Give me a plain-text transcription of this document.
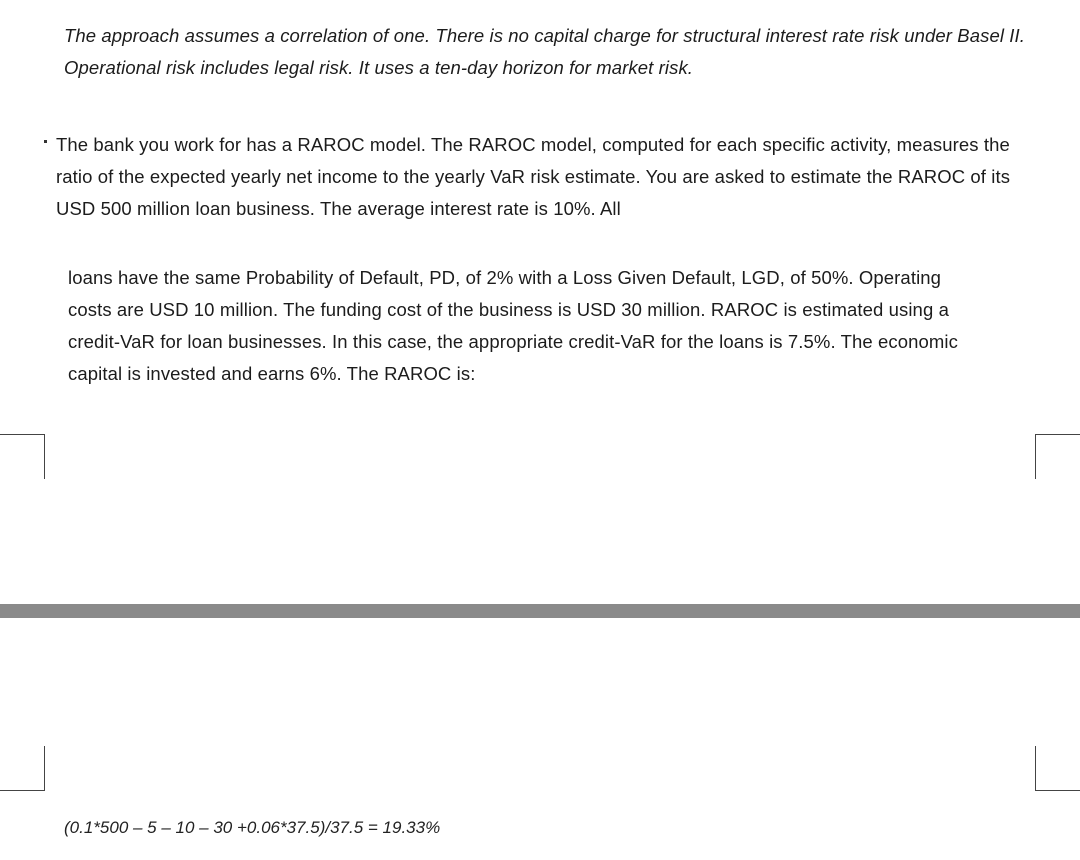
The approach assumes a correlation of one. There is no capital charge for structural interest rate risk under Basel II. Operational risk includes legal risk. It uses a ten-day horizon for market risk.

The bank you work for has a RAROC model. The RAROC model, computed for each specific activity, measures the ratio of the expected yearly net income to the yearly VaR risk estimate. You are asked to estimate the RAROC of its USD 500 million loan business. The average interest rate is 10%. All

loans have the same Probability of Default, PD, of 2% with a Loss Given Default, LGD, of 50%. Operating costs are USD 10 million. The funding cost of the business is USD 30 million. RAROC is estimated using a credit-VaR for loan businesses. In this case, the appropriate credit-VaR for the loans is 7.5%. The economic capital is invested and earns 6%. The RAROC is:

(0.1*500 – 5 – 10 – 30 +0.06*37.5)/37.5 = 19.33%
